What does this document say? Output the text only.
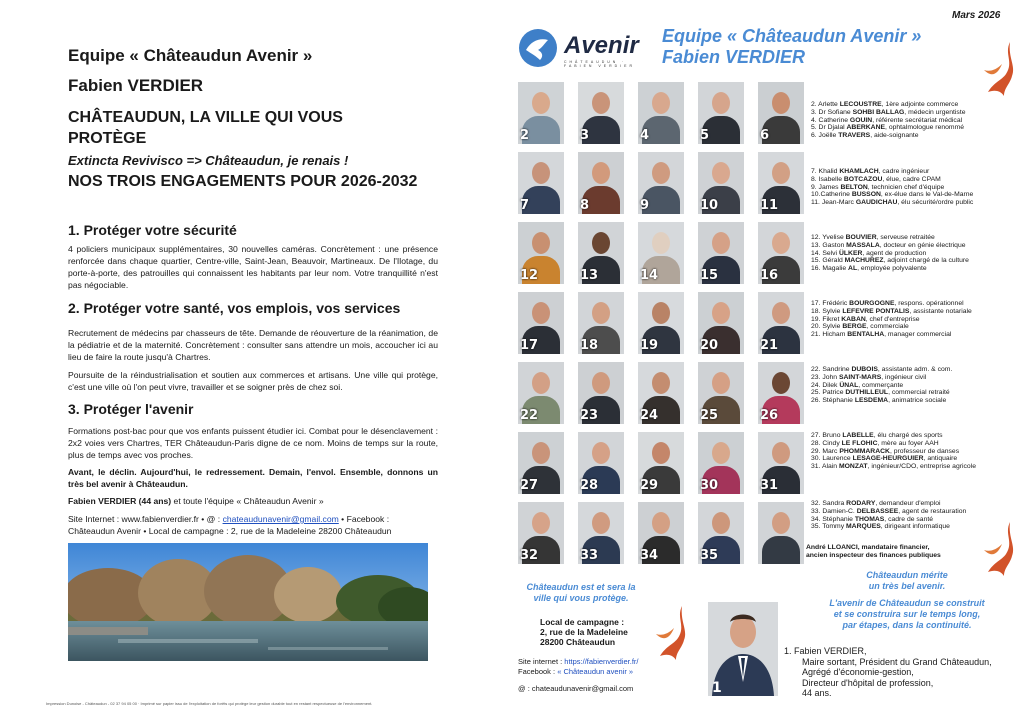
Equipe « Châteaudun Avenir »

Fabien VERDIER

CHÂTEAUDUN, LA VILLE QUI VOUS PROTÈGE

Extincta Revivisco => Châteaudun, je renais !

NOS TROIS ENGAGEMENTS POUR 2026-2032

1. Protéger votre sécurité

4 policiers municipaux supplémentaires, 30 nouvelles caméras. Concrètement : une présence renforcée dans chaque quartier, Centre-ville, Saint-Jean, Beauvoir, Martineaux. De l'Ilotage, du porte-à-porte, des patrouilles qui connaissent les habitants par leur nom. Votre tranquillité n'est pas négociable.

2. Protéger votre santé, vos emplois, vos services

Recrutement de médecins par chasseurs de tête. Demande de réouverture de la réanimation, de la pédiatrie et de la maternité. Concrètement : consulter sans attendre un mois, accoucher ici au lieu de faire la route jusqu'à Chartres.

Poursuite de la réindustrialisation et soutien aux commerces et artisans. Une ville qui protège, c'est une ville où l'on peut vivre, travailler et se soigner près de chez soi.

3. Protéger l'avenir

Formations post-bac pour que vos enfants puissent étudier ici. Combat pour le désenclavement : 2x2 voies vers Chartres, TER Châteaudun-Paris digne de ce nom. Moins de temps sur la route, plus de temps avec vos proches.

Avant, le déclin. Aujourd'hui, le redressement. Demain, l'envol. Ensemble, donnons un très bel avenir à Châteaudun.

Fabien VERDIER (44 ans) et toute l'équipe « Châteaudun Avenir »

Site Internet : www.fabienverdier.fr • @ : chateaudunavenir@gmail.com • Facebook : Châteaudun Avenir • Local de campagne : 2, rue de la Madeleine 28200 Châteaudun

Impression Dunoise - Châteaudun - 02 37 94 05 00 · Imprimé sur papier issu de l'exploitation de forêts qui protège leur gestion durable tout en restant respectueuse de l'environnement.

Mars 2026

Avenir

CHÂTEAUDUN · FABIEN VERDIER

Equipe « Châteaudun Avenir »
Fabien VERDIER

2	3	4	5	6
7	8	9	10	11
12	13	14	15	16
17	18	19	20	21
22	23	24	25	26
27	28	29	30	31
32	33	34	35

2. Arlette LECOUSTRE, 1ère adjointe commerce
3. Dr Sofiane SOHBI BALLAG, médecin urgentiste
4. Catherine GOUIN, référente secrétariat médical
5. Dr Djalal ABERKANE, ophtalmologue renommé
6. Joëlle TRAVERS, aide-soignante

7. Khalid KHAMLACH, cadre ingénieur
8. Isabelle BOTCAZOU, élue, cadre CPAM
9. James BELTON, technicien chef d'équipe
10.Catherine BUSSON, ex-élue dans le Val-de-Marne
11. Jean-Marc GAUDICHAU, élu sécurité/ordre public

12. Yvelise BOUVIER, serveuse retraitée
13. Gaston MASSALA, docteur en génie électrique
14. Selvi ÜLKER, agent de production
15. Gérald MACHUREZ, adjoint chargé de la culture
16. Magalie AL, employée polyvalente

17. Frédéric BOURGOGNE, respons. opérationnel
18. Sylvie LEFEVRE PONTALIS, assistante notariale
19. Fikret KABAN, chef d'entreprise
20. Sylvie BERGE, commerciale
21. Hicham BENTALHA, manager commercial

22. Sandrine DUBOIS, assistante adm. & com.
23. John SAINT-MARS, ingénieur civil
24. Dilek ÜNAL, commerçante
25. Patrice DUTHILLEUL, commercial retraité
26. Stéphanie LESDEMA, animatrice sociale

27. Bruno LABELLE, élu chargé des sports
28. Cindy LE FLOHIC, mère au foyer AAH
29. Marc PHOMMARACK, professeur de danses
30. Laurence LESAGE-HEURGUIER, antiquaire
31. Alain MONZAT, ingénieur/CDO, entreprise agricole

32. Sandra RODARY, demandeur d'emploi
33. Damien-C. DELBASSEE, agent de restauration
34. Stéphanie THOMAS, cadre de santé
35. Tommy MARQUES, dirigeant informatique

André LLOANCI, mandataire financier,
ancien inspecteur des finances publiques

Châteaudun est et sera la
ville qui vous protège.

Châteaudun mérite
un très bel avenir.
L'avenir de Châteaudun se construit
et se construira sur le temps long,
par étapes, dans la continuité.

Local de campagne :
2, rue de la Madeleine
28200 Châteaudun

Site internet : https://fabienverdier.fr/
Facebook : « Châteaudun avenir »
@ : chateaudunavenir@gmail.com	1

1. Fabien VERDIER,
Maire sortant, Président du Grand Châteaudun,
Agrégé d'économie-gestion,
Directeur d'hôpital de profession,
44 ans.
